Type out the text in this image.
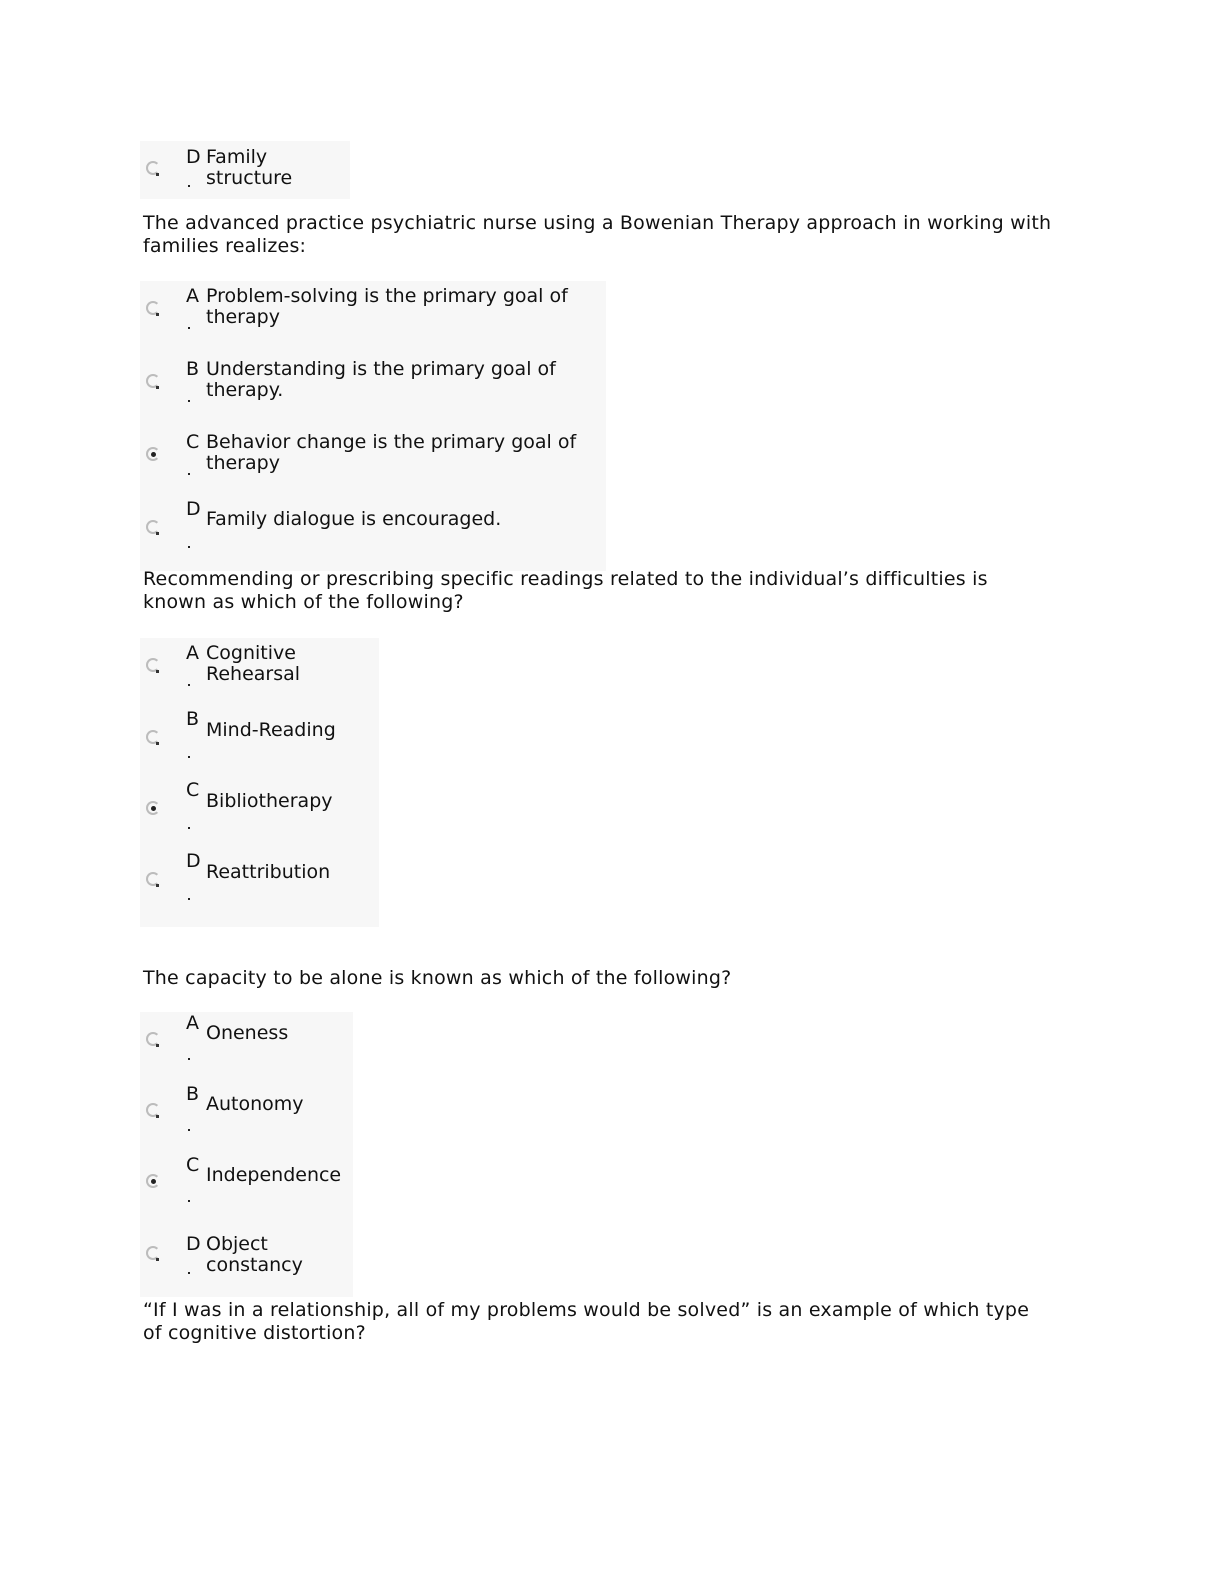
D Family structure
The advanced practice psychiatric nurse using a Bowenian Therapy approach in working with families realizes:
A Problem-solving is the primary goal of therapy
B Understanding is the primary goal of therapy.
C Behavior change is the primary goal of therapy
D Family dialogue is encouraged.
Recommending or prescribing specific readings related to the individual’s difficulties is known as which of the following?
A Cognitive Rehearsal
B Mind-Reading
C Bibliotherapy
D Reattribution
The capacity to be alone is known as which of the following?
A Oneness
B Autonomy
C Independence
D Object constancy
“If I was in a relationship, all of my problems would be solved” is an example of which type of cognitive distortion?
